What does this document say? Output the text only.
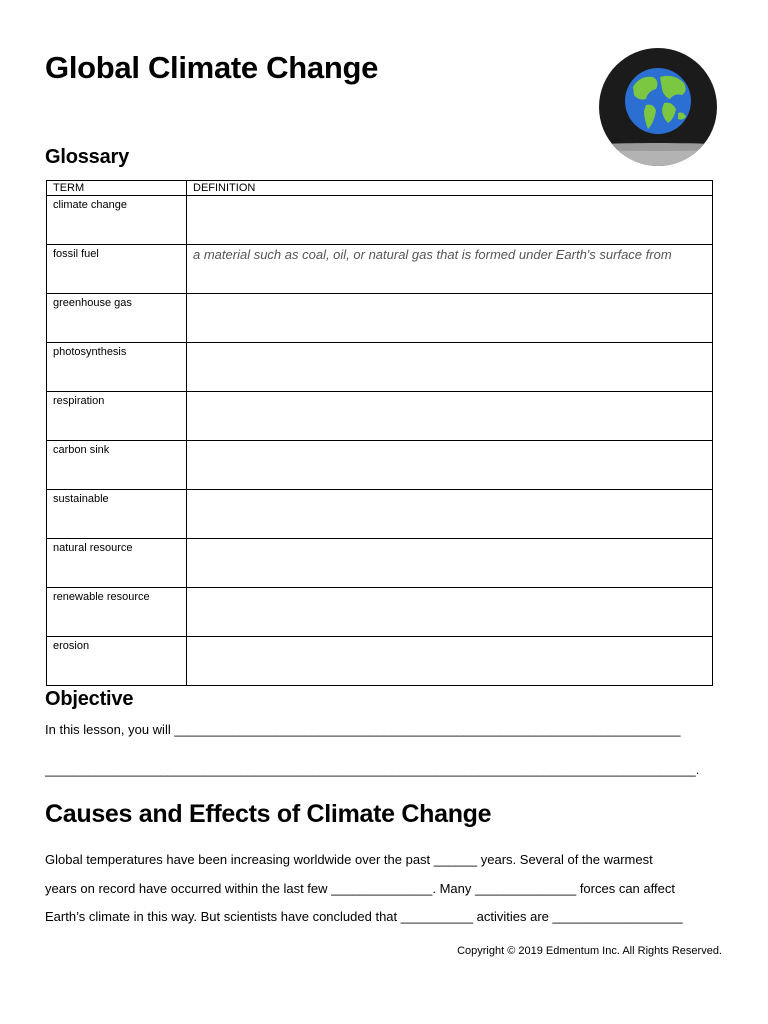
Global Climate Change
Glossary
TERM	DEFINITION
climate change	
fossil fuel	a material such as coal, oil, or natural gas that is formed under Earth's surface from
greenhouse gas	
photosynthesis	
respiration	
carbon sink	
sustainable	
natural resource	
renewable resource	
erosion	
Objective
In this lesson, you will ______________________________________________________________________
__________________________________________________________________________________________.
Causes and Effects of Climate Change

Global temperatures have been increasing worldwide over the past ______ years. Several of the warmest

years on record have occurred within the last few ______________. Many ______________ forces can affect

Earth’s climate in this way. But scientists have concluded that __________ activities are __________________

Copyright © 2019 Edmentum Inc. All Rights Reserved.
